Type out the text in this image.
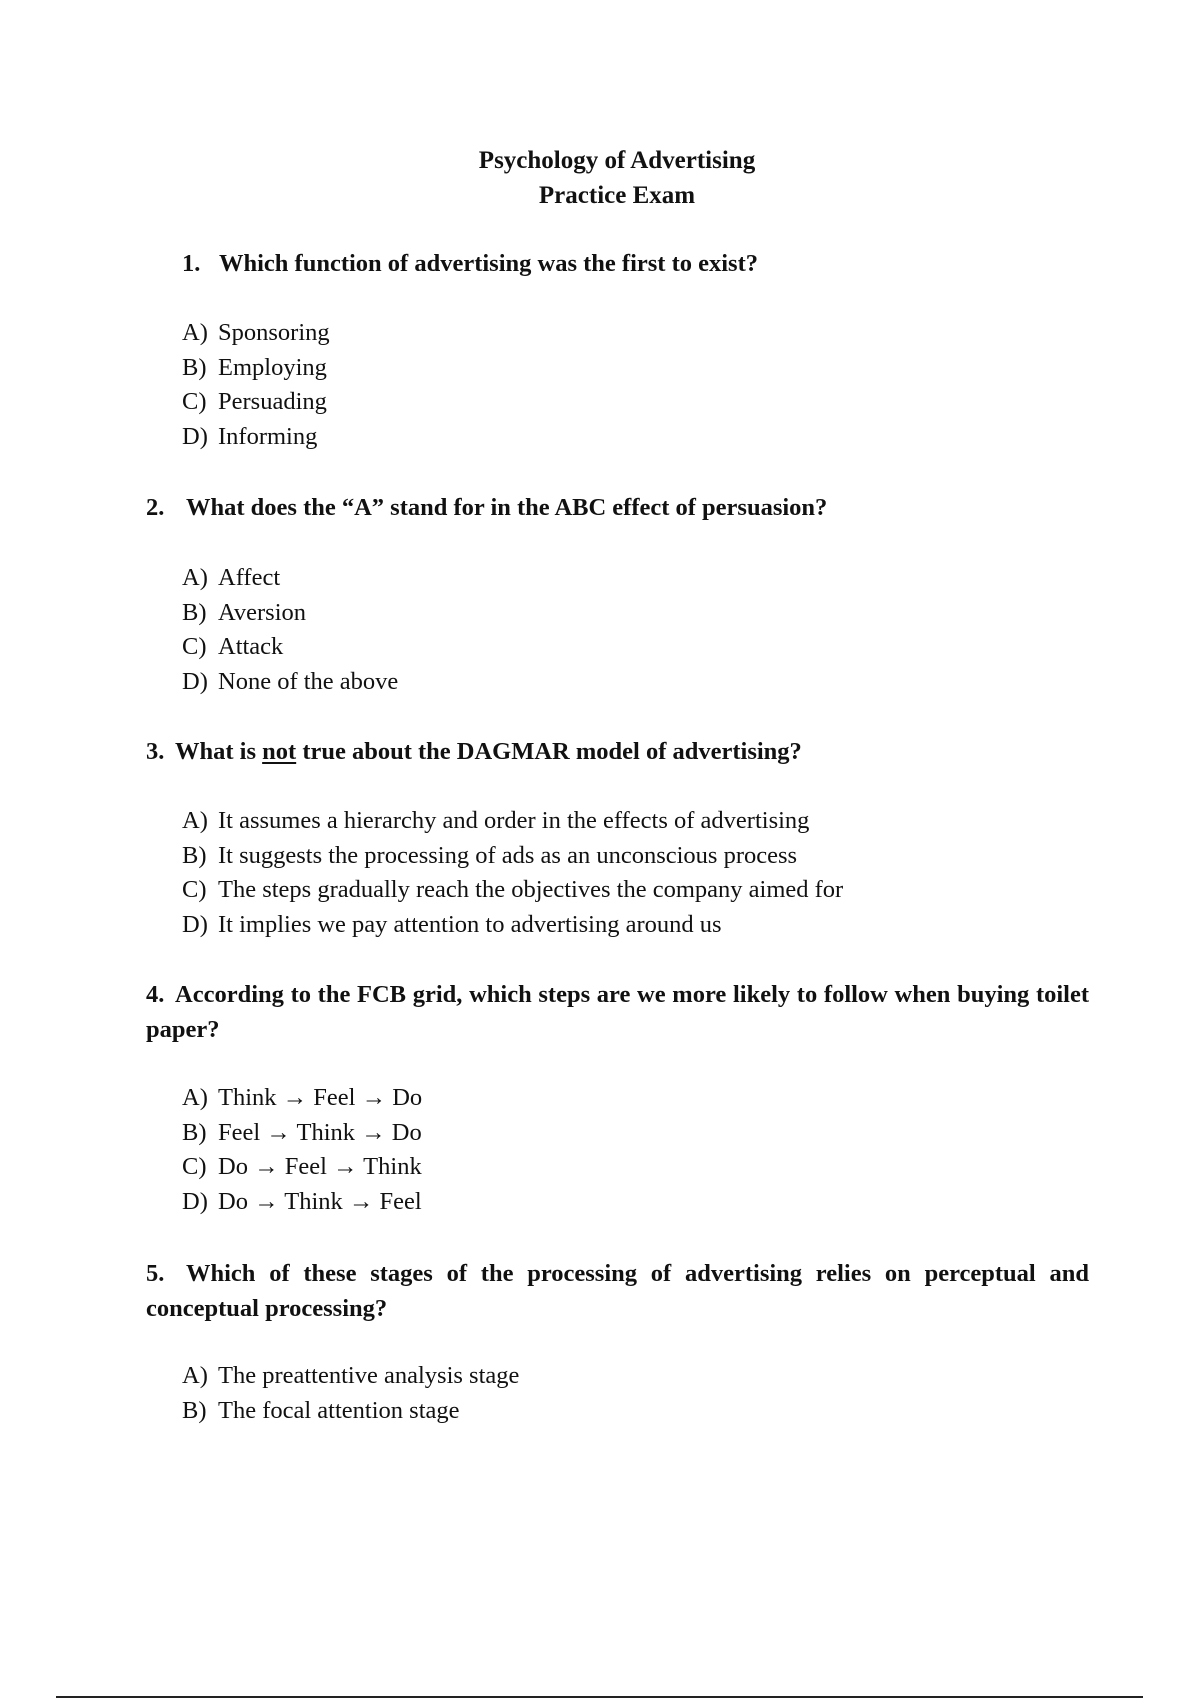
Psychology of Advertising
Practice Exam
1. Which function of advertising was the first to exist?
A) Sponsoring
B) Employing
C) Persuading
D) Informing
2. What does the “A” stand for in the ABC effect of persuasion?
A) Affect
B) Aversion
C) Attack
D) None of the above
3. What is not true about the DAGMAR model of advertising?
A) It assumes a hierarchy and order in the effects of advertising
B) It suggests the processing of ads as an unconscious process
C) The steps gradually reach the objectives the company aimed for
D) It implies we pay attention to advertising around us
4. According to the FCB grid, which steps are we more likely to follow when buying toilet paper?
A) Think → Feel → Do
B) Feel → Think → Do
C) Do → Feel → Think
D) Do → Think → Feel
5. Which of these stages of the processing of advertising relies on perceptual and conceptual processing?
A) The preattentive analysis stage
B) The focal attention stage
